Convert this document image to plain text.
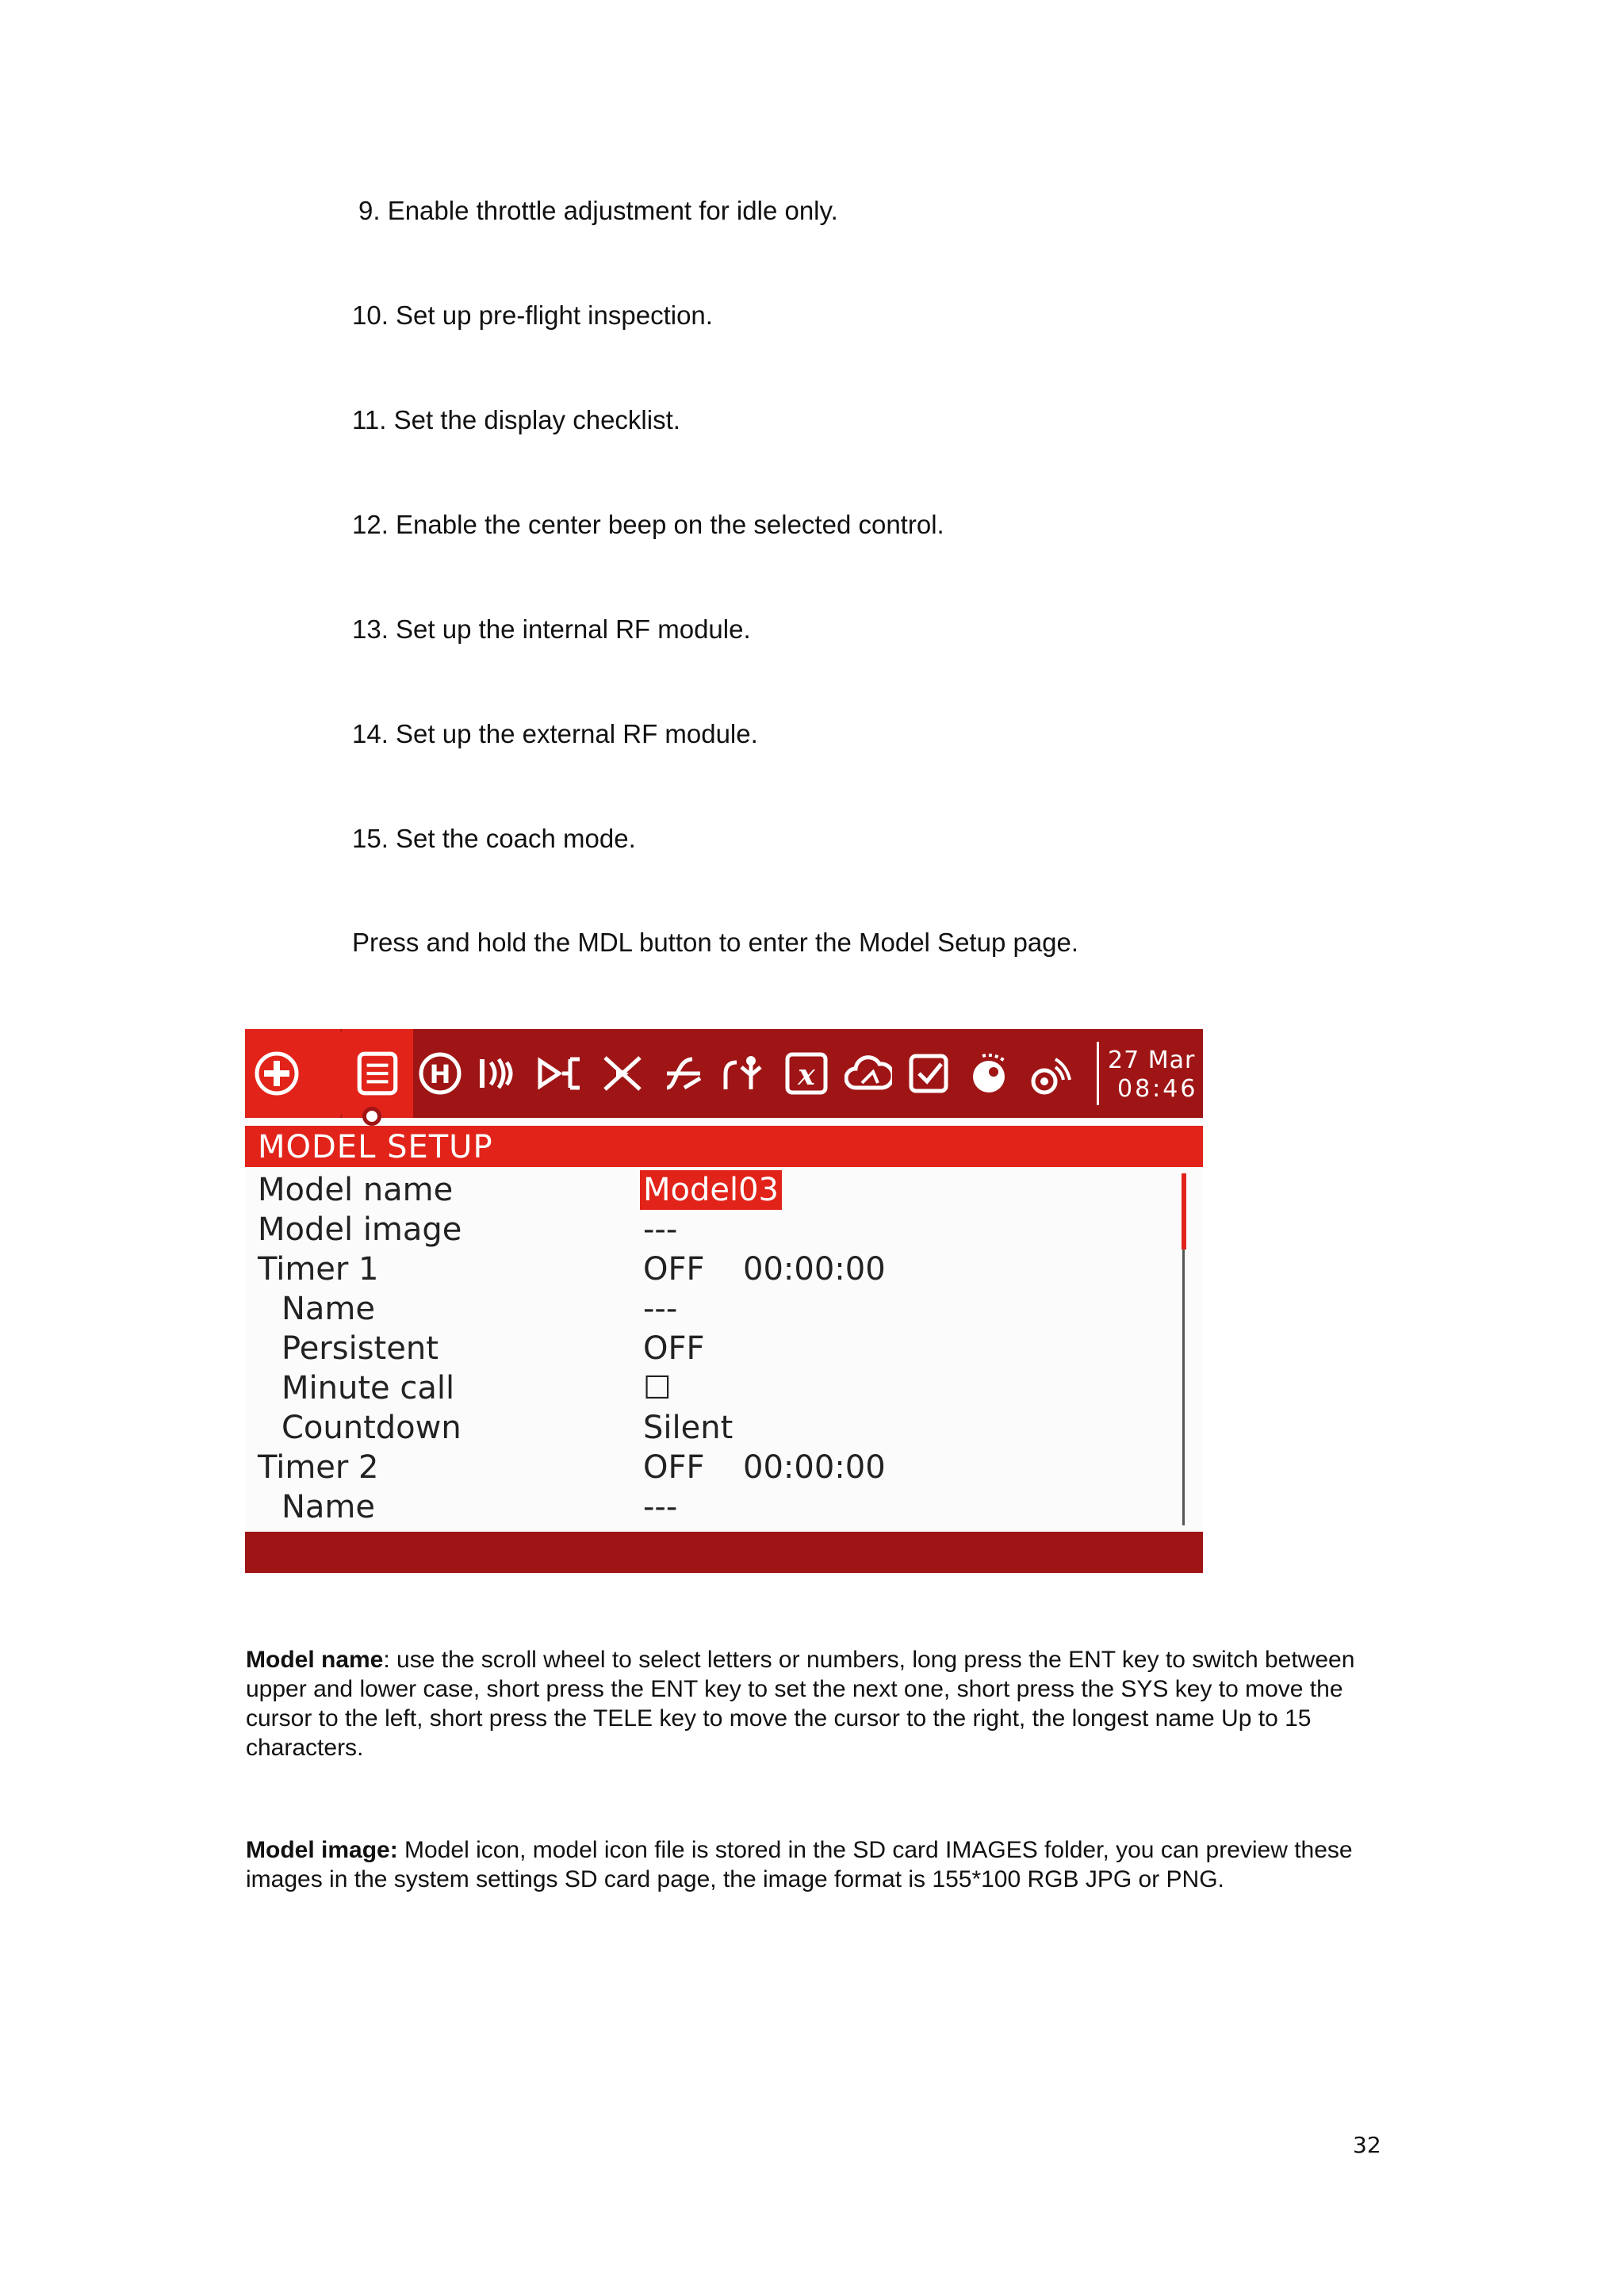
9. Enable throttle adjustment for idle only.
10. Set up pre-flight inspection.
11. Set the display checklist.
12. Enable the center beep on the selected control.
13. Set up the internal RF module.
14. Set up the external RF module.
15. Set the coach mode.
Press and hold the MDL button to enter the Model Setup page.
H	x	27 Mar
08:46
MODEL SETUP
Model name	Model03
Model image	---
Timer 1	OFF 00:00:00
Name	---
Persistent	OFF
Minute call	☐
Countdown	Silent
Timer 2	OFF 00:00:00
Name	---
Model name: use the scroll wheel to select letters or numbers, long press the ENT key to switch between upper and lower case, short press the ENT key to set the next one, short press the SYS key to move the cursor to the left, short press the TELE key to move the cursor to the right, the longest name Up to 15 characters.
Model image: Model icon, model icon file is stored in the SD card IMAGES folder, you can preview these images in the system settings SD card page, the image format is 155*100 RGB JPG or PNG.
32
